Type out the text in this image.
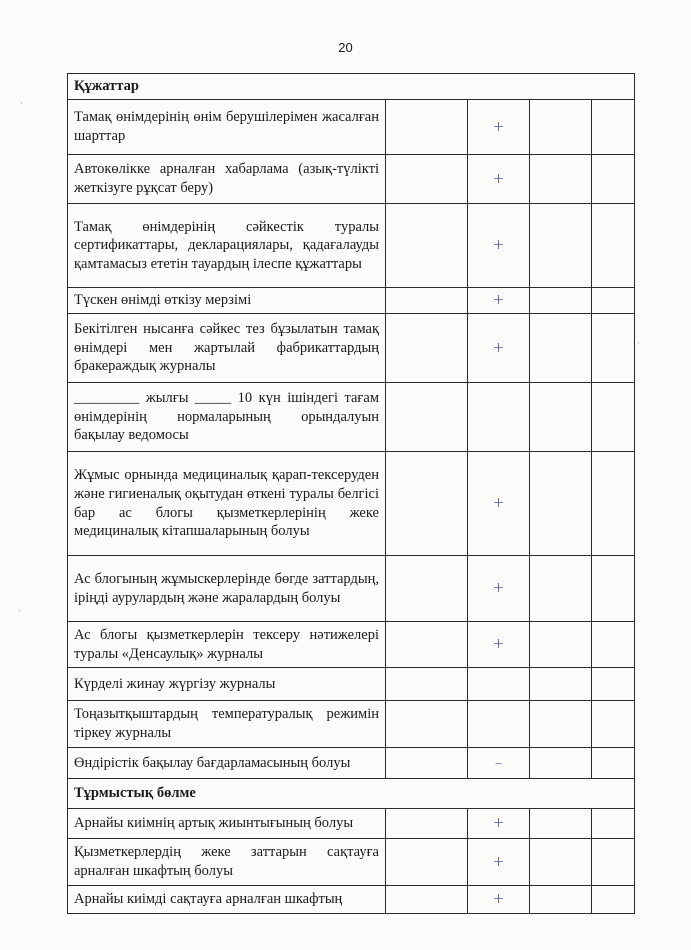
20
Құжаттар				
Тамақ өнімдерінің өнім берушілерімен жасалған шарттар		+		
Автокөлікке арналған хабарлама (азық-түлікті жеткізуге рұқсат беру)		+		
Тамақ өнімдерінің сәйкестік туралы сертификаттары, декларациялары, қадағалауды қамтамасыз ететін тауардың ілеспе құжаттары		+		
Түскен өнімді өткізу мерзімі		+		
Бекітілген нысанға сәйкес тез бұзылатын тамақ өнімдері мен жартылай фабрикаттардың бракераждық журналы		+		
_________ жылғы _____ 10 күн ішіндегі тағам өнімдерінің нормаларының орындалуын бақылау ведомосы				
Жұмыс орнында медициналық қарап-тексеруден және гигиеналық оқытудан өткені туралы белгісі бар ас блогы қызметкерлерінің жеке медициналық кітапшаларының болуы		+		
Ас блогының жұмыскерлерінде бөгде заттардың, іріңді аурулардың және жаралардың болуы		+		
Ас блогы қызметкерлерін тексеру нәтижелері туралы «Денсаулық» журналы		+		
Күрделі жинау жүргізу журналы				
Тоңазытқыштардың температуралық режимін тіркеу журналы				
Өндірістік бақылау бағдарламасының болуы		–		
Тұрмыстық бөлме				
Арнайы киімнің артық жиынтығының болуы		+		
Қызметкерлердің жеке заттарын сақтауға арналған шкафтың болуы		+		
Арнайы киімді сақтауға арналған шкафтың		+		
·
·
·
